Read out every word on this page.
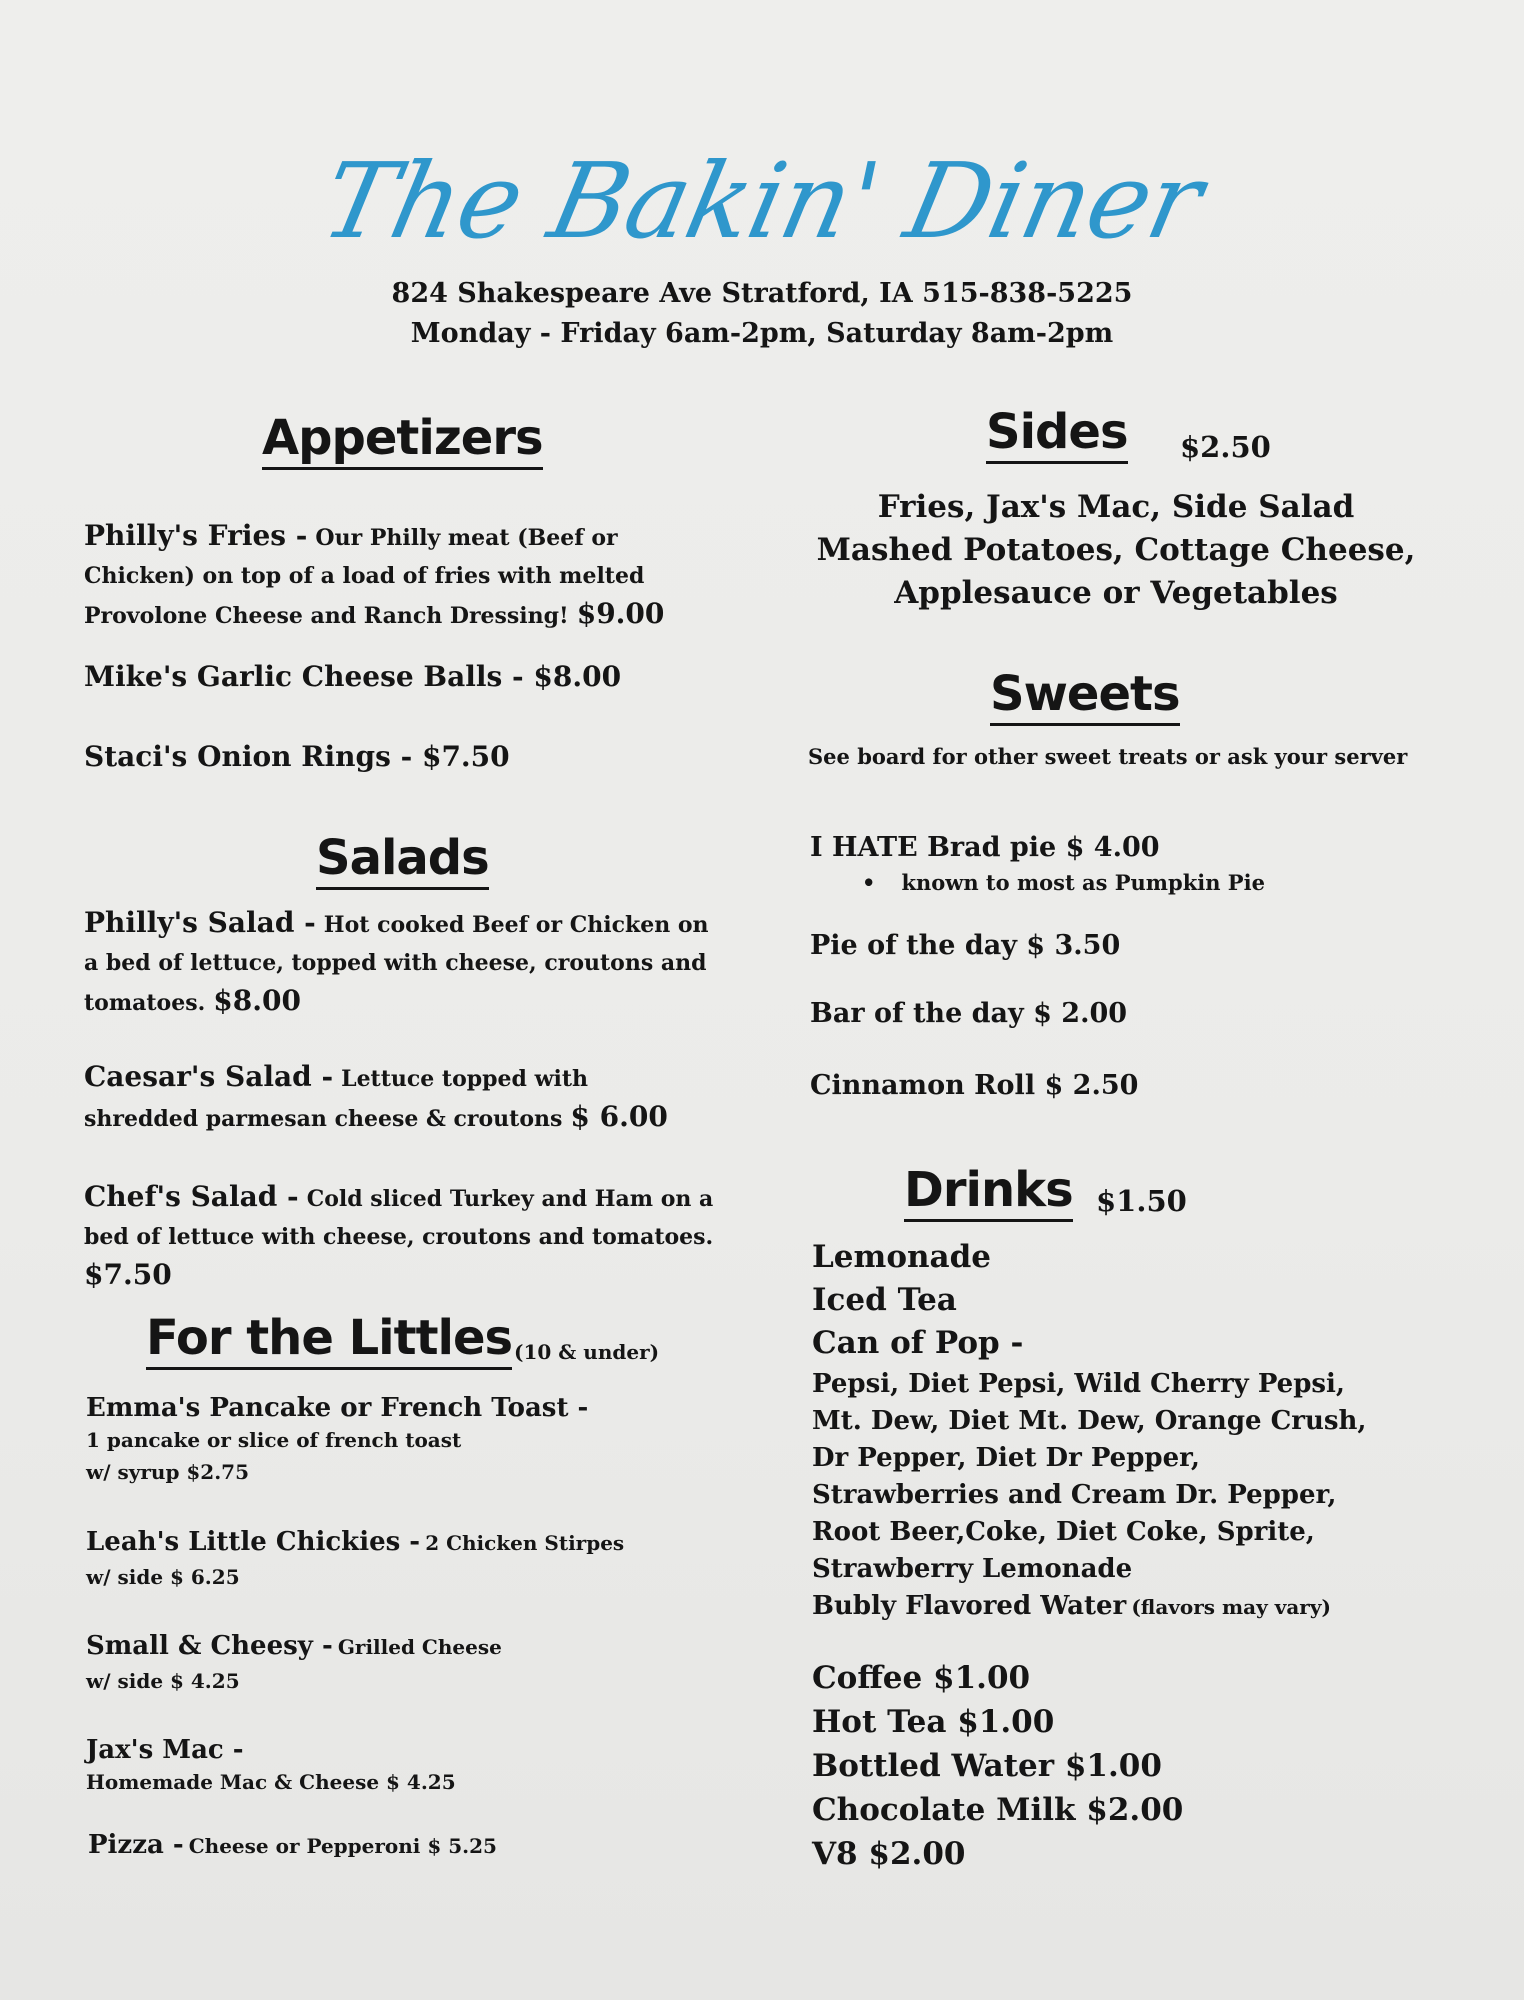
The Bakin' Diner
824 Shakespeare Ave Stratford, IA 515-838-5225
Monday - Friday 6am-2pm, Saturday 8am-2pm
Appetizers
Philly's Fries - Our Philly meat (Beef or Chicken) on top of a load of fries with melted Provolone Cheese and Ranch Dressing! $9.00
Mike's Garlic Cheese Balls - $8.00
Staci's Onion Rings - $7.50
Salads
Philly's Salad - Hot cooked Beef or Chicken on a bed of lettuce, topped with cheese, croutons and tomatoes. $8.00
Caesar's Salad - Lettuce topped with shredded parmesan cheese & croutons $ 6.00
Chef's Salad - Cold sliced Turkey and Ham on a bed of lettuce with cheese, croutons and tomatoes. $7.50
For the Littles (10 & under)
Emma's Pancake or French Toast -
1 pancake or slice of french toast
w/ syrup $2.75
Leah's Little Chickies - 2 Chicken Stirpes
w/ side $ 6.25
Small & Cheesy - Grilled Cheese
w/ side $ 4.25
Jax's Mac -
Homemade Mac & Cheese $ 4.25
Pizza - Cheese or Pepperoni $ 5.25
Sides $2.50
Fries, Jax's Mac, Side Salad
Mashed Potatoes, Cottage Cheese,
Applesauce or Vegetables
Sweets
See board for other sweet treats or ask your server
I HATE Brad pie $ 4.00
• known to most as Pumpkin Pie
Pie of the day $ 3.50
Bar of the day $ 2.00
Cinnamon Roll $ 2.50
Drinks $1.50
Lemonade
Iced Tea
Can of Pop -
Pepsi, Diet Pepsi, Wild Cherry Pepsi,
Mt. Dew, Diet Mt. Dew, Orange Crush,
Dr Pepper, Diet Dr Pepper,
Strawberries and Cream Dr. Pepper,
Root Beer,Coke, Diet Coke, Sprite,
Strawberry Lemonade
Bubly Flavored Water (flavors may vary)
Coffee $1.00
Hot Tea $1.00
Bottled Water $1.00
Chocolate Milk $2.00
V8 $2.00
